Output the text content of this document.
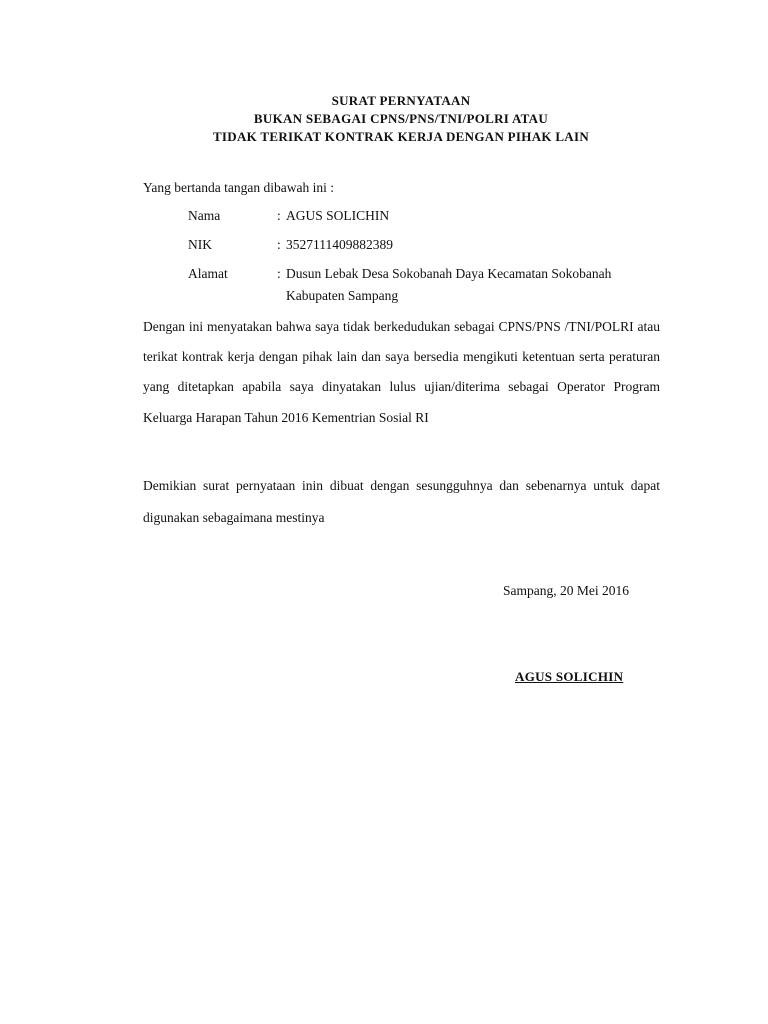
SURAT PERNYATAAN
BUKAN SEBAGAI CPNS/PNS/TNI/POLRI ATAU
TIDAK TERIKAT KONTRAK KERJA DENGAN PIHAK LAIN
Yang bertanda tangan dibawah ini :
Nama	: AGUS SOLICHIN
NIK	: 3527111409882389
Alamat	: Dusun Lebak Desa Sokobanah Daya Kecamatan Sokobanah Kabupaten Sampang
Dengan ini menyatakan bahwa saya tidak berkedudukan sebagai CPNS/PNS /TNI/POLRI atau terikat kontrak kerja dengan pihak lain dan saya bersedia mengikuti ketentuan serta peraturan yang ditetapkan apabila saya dinyatakan lulus ujian/diterima sebagai Operator Program Keluarga Harapan Tahun 2016 Kementrian Sosial RI
Demikian surat pernyataan inin dibuat dengan sesungguhnya dan sebenarnya untuk dapat digunakan sebagaimana mestinya
Sampang, 20 Mei 2016
AGUS SOLICHIN
